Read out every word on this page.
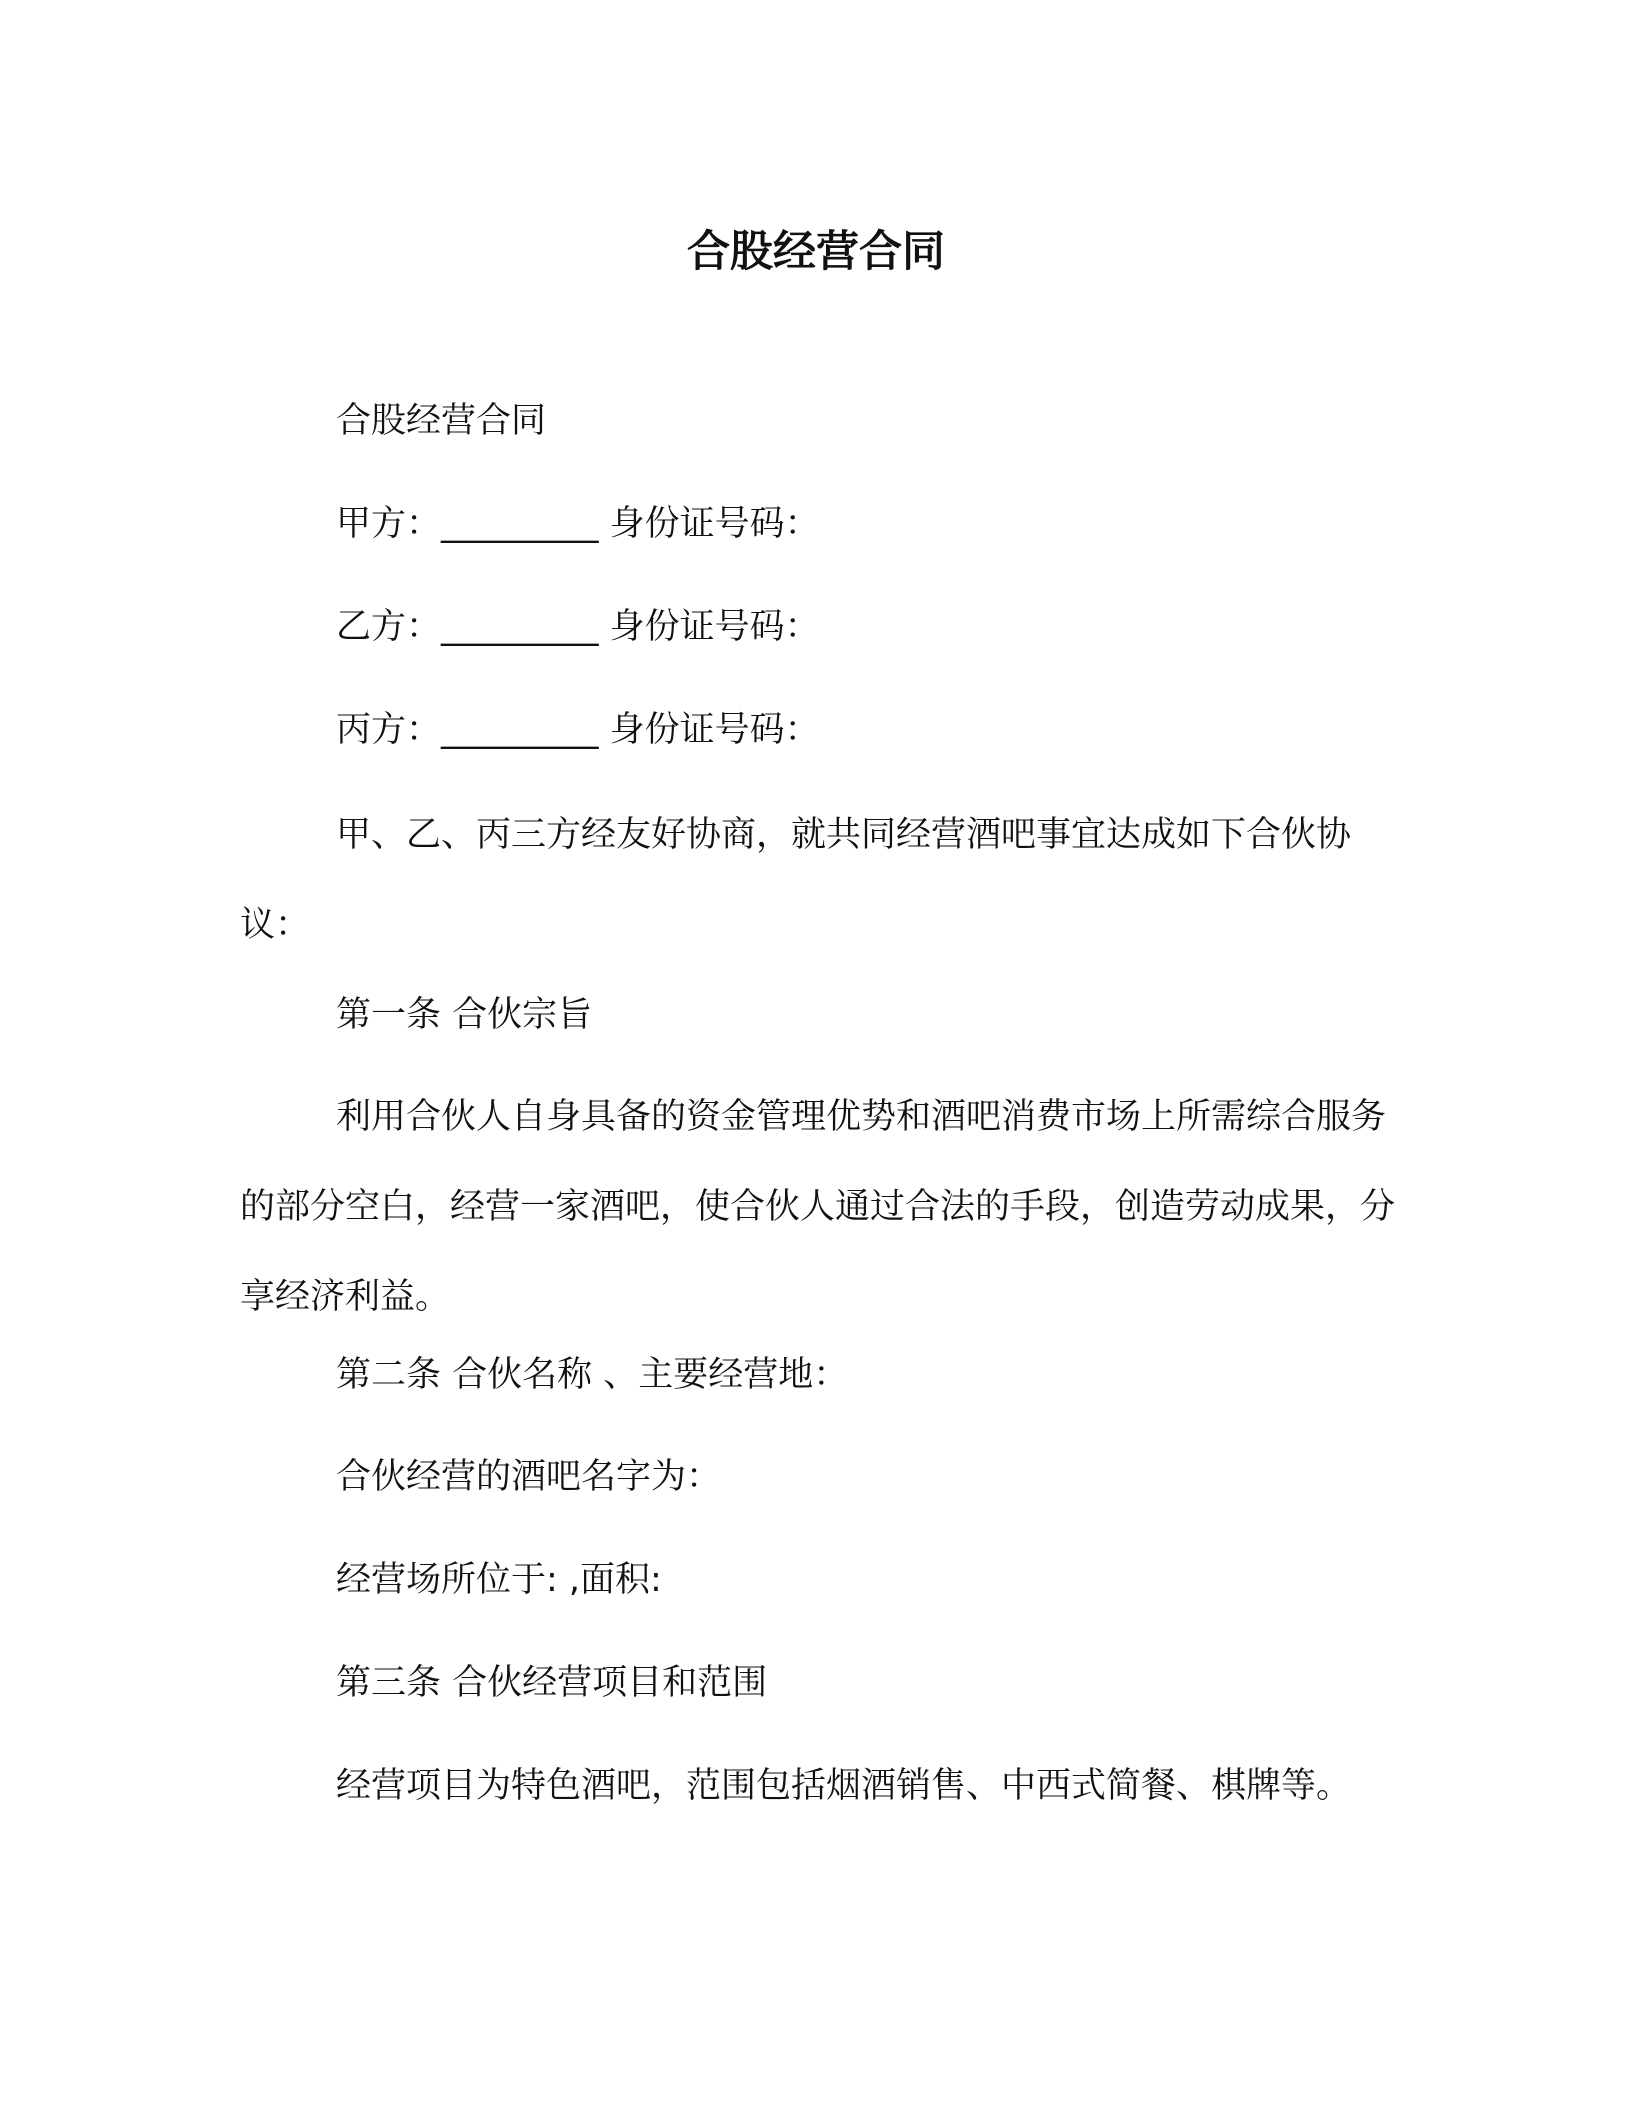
合股经营合同

合股经营合同

甲方：_________ 身份证号码：

乙方：_________ 身份证号码：

丙方：_________ 身份证号码：

甲、乙、丙三方经友好协商，就共同经营酒吧事宜达成如下合伙协议：

第一条 合伙宗旨

利用合伙人自身具备的资金管理优势和酒吧消费市场上所需综合服务的部分空白，经营一家酒吧，使合伙人通过合法的手段，创造劳动成果，分享经济利益。

第二条 合伙名称 、主要经营地：

合伙经营的酒吧名字为：

经营场所位于: ,面积:

第三条 合伙经营项目和范围

经营项目为特色酒吧，范围包括烟酒销售、中西式简餐、棋牌等。
